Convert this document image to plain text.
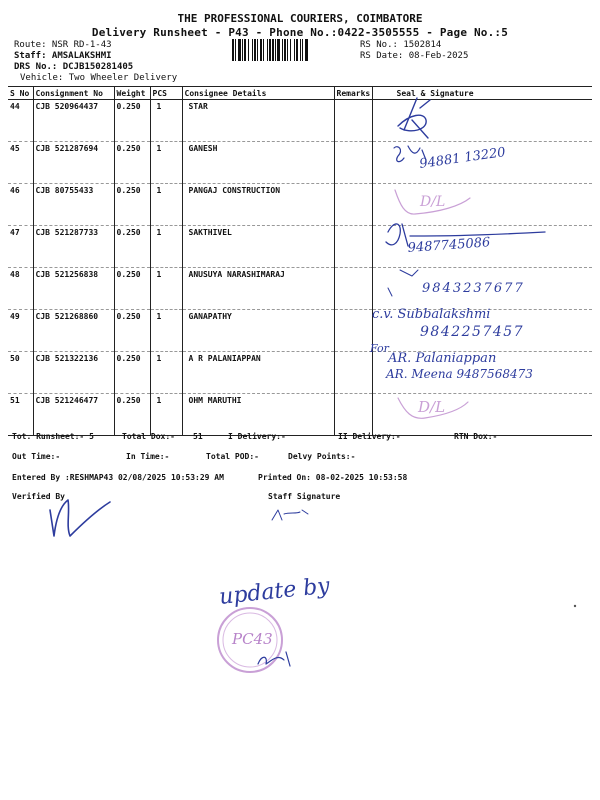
THE PROFESSIONAL COURIERS, COIMBATORE
Delivery Runsheet - P43 - Phone No.:0422-3505555 - Page No.:5
Route: NSR RD-1-43
Staff: AMSALAKSHMI
DRS No.: DCJB150281405
Vehicle: Two Wheeler Delivery
RS No.: 1502814
RS Date: 08-Feb-2025
S No	Consignment No	Weight	PCS	Consignee Details	Remarks	Seal & Signature
44	CJB 520964437	0.250	1	STAR		
45	CJB 521287694	0.250	1	GANESH		
46	CJB 80755433	0.250	1	PANGAJ CONSTRUCTION		
47	CJB 521287733	0.250	1	SAKTHIVEL		
48	CJB 521256838	0.250	1	ANUSUYA NARASHIMARAJ		
49	CJB 521268860	0.250	1	GANAPATHY		
50	CJB 521322136	0.250	1	A R PALANIAPPAN		
51	CJB 521246477	0.250	1	OHM MARUTHI		
Tot. Runsheet:- 5	Total Dox:- 51	I Delivery:-	II Delivery:-	RTN Dox:-
Out Time:-	In Time:-	Total POD:-	Delvy Points:-
Entered By :RESHMAP43 02/08/2025 10:53:29 AM	Printed On: 08-02-2025 10:53:58
Verified By	Staff Signature
94881 13220
D/L
9487745086
9843237677
c.v. Subbalakshmi
9842257457
For
AR. Palaniappan
AR. Meena 9487568473
D/L
update by
PC43
